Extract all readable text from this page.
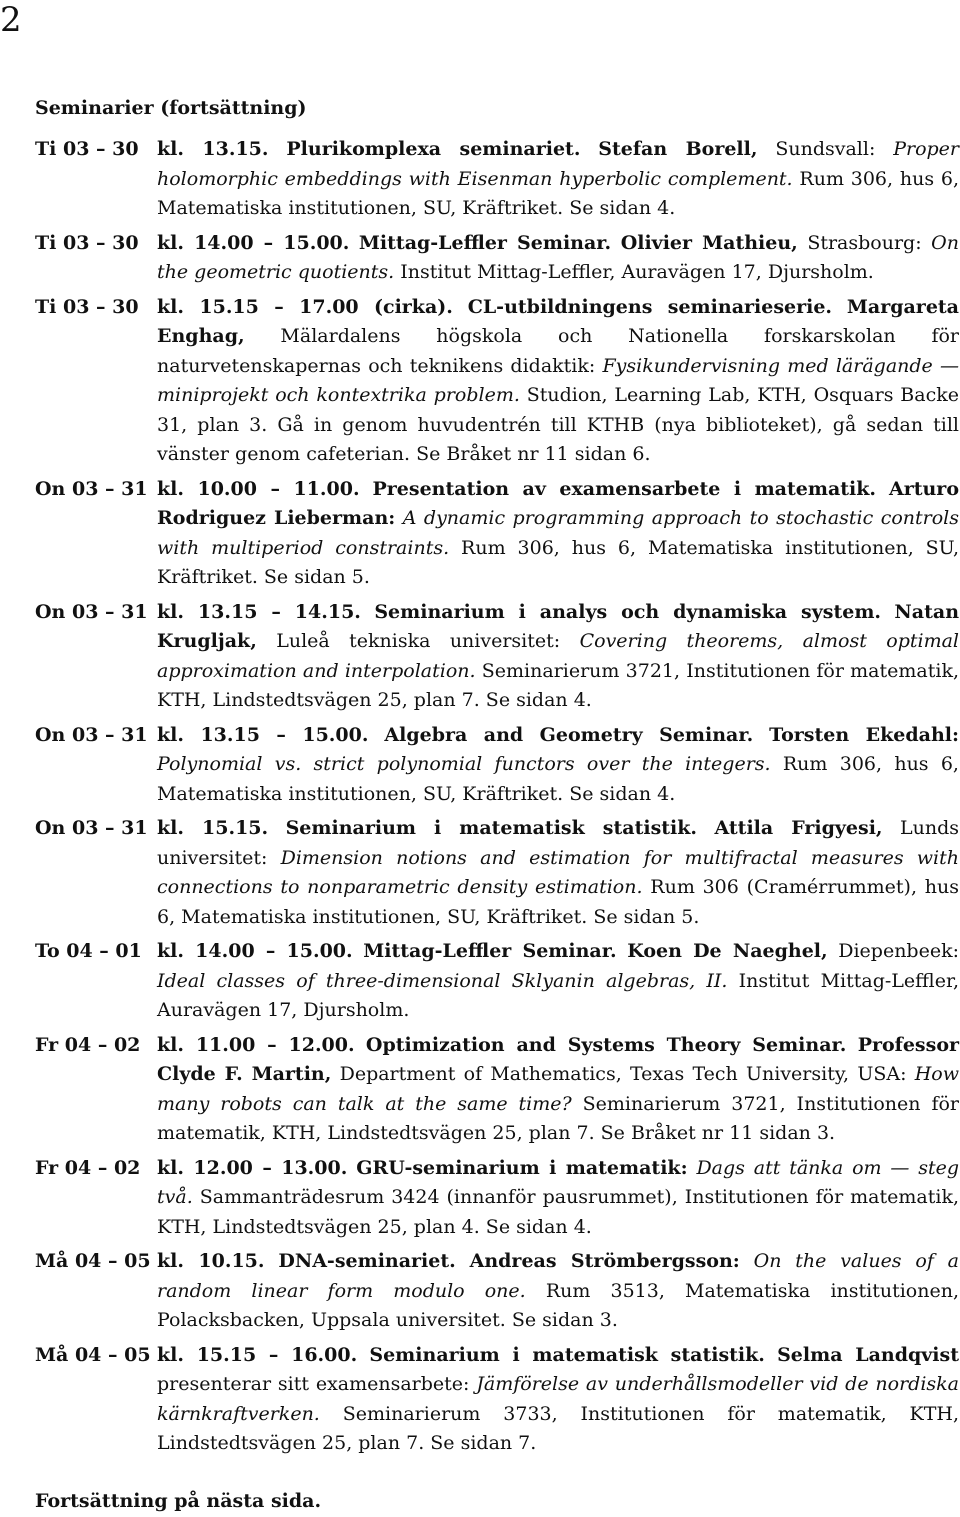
2
Seminarier (fortsättning)
Ti 03 – 30 kl. 13.15. Plurikomplexa seminariet. Stefan Borell, Sundsvall: Proper holomorphic embeddings with Eisenman hyperbolic complement. Rum 306, hus 6, Matematiska institutionen, SU, Kräftriket. Se sidan 4.
Ti 03 – 30 kl. 14.00 – 15.00. Mittag-Leffler Seminar. Olivier Mathieu, Strasbourg: On the geometric quotients. Institut Mittag-Leffler, Auravägen 17, Djursholm.
Ti 03 – 30 kl. 15.15 – 17.00 (cirka). CL-utbildningens seminarieserie. Margareta Enghag, Mälardalens högskola och Nationella forskarskolan för naturvetenskapernas och teknikens didaktik: Fysikundervisning med lärägande — miniprojekt och kontextrika problem. Studion, Learning Lab, KTH, Osquars Backe 31, plan 3. Gå in genom huvudentrén till KTHB (nya biblioteket), gå sedan till vänster genom cafeterian. Se Bråket nr 11 sidan 6.
On 03 – 31 kl. 10.00 – 11.00. Presentation av examensarbete i matematik. Arturo Rodriguez Lieberman: A dynamic programming approach to stochastic controls with multiperiod constraints. Rum 306, hus 6, Matematiska institutionen, SU, Kräftriket. Se sidan 5.
On 03 – 31 kl. 13.15 – 14.15. Seminarium i analys och dynamiska system. Natan Krugljak, Luleå tekniska universitet: Covering theorems, almost optimal approximation and interpolation. Seminarierum 3721, Institutionen för matematik, KTH, Lindstedtsvägen 25, plan 7. Se sidan 4.
On 03 – 31 kl. 13.15 – 15.00. Algebra and Geometry Seminar. Torsten Ekedahl: Polynomial vs. strict polynomial functors over the integers. Rum 306, hus 6, Matematiska institutionen, SU, Kräftriket. Se sidan 4.
On 03 – 31 kl. 15.15. Seminarium i matematisk statistik. Attila Frigyesi, Lunds universitet: Dimension notions and estimation for multifractal measures with connections to nonparametric density estimation. Rum 306 (Cramérrummet), hus 6, Matematiska institutionen, SU, Kräftriket. Se sidan 5.
To 04 – 01 kl. 14.00 – 15.00. Mittag-Leffler Seminar. Koen De Naeghel, Diepenbeek: Ideal classes of three-dimensional Sklyanin algebras, II. Institut Mittag-Leffler, Auravägen 17, Djursholm.
Fr 04 – 02 kl. 11.00 – 12.00. Optimization and Systems Theory Seminar. Professor Clyde F. Martin, Department of Mathematics, Texas Tech University, USA: How many robots can talk at the same time? Seminarierum 3721, Institutionen för matematik, KTH, Lindstedtsvägen 25, plan 7. Se Bråket nr 11 sidan 3.
Fr 04 – 02 kl. 12.00 – 13.00. GRU-seminarium i matematik: Dags att tänka om — steg två. Sammanträdesrum 3424 (innanför pausrummet), Institutionen för matematik, KTH, Lindstedtsvägen 25, plan 4. Se sidan 4.
Må 04 – 05 kl. 10.15. DNA-seminariet. Andreas Strömbergsson: On the values of a random linear form modulo one. Rum 3513, Matematiska institutionen, Polacksbacken, Uppsala universitet. Se sidan 3.
Må 04 – 05 kl. 15.15 – 16.00. Seminarium i matematisk statistik. Selma Landqvist presenterar sitt examensarbete: Jämförelse av underhållsmodeller vid de nordiska kärnkraftverken. Seminarierum 3733, Institutionen för matematik, KTH, Lindstedtsvägen 25, plan 7. Se sidan 7.
Fortsättning på nästa sida.
